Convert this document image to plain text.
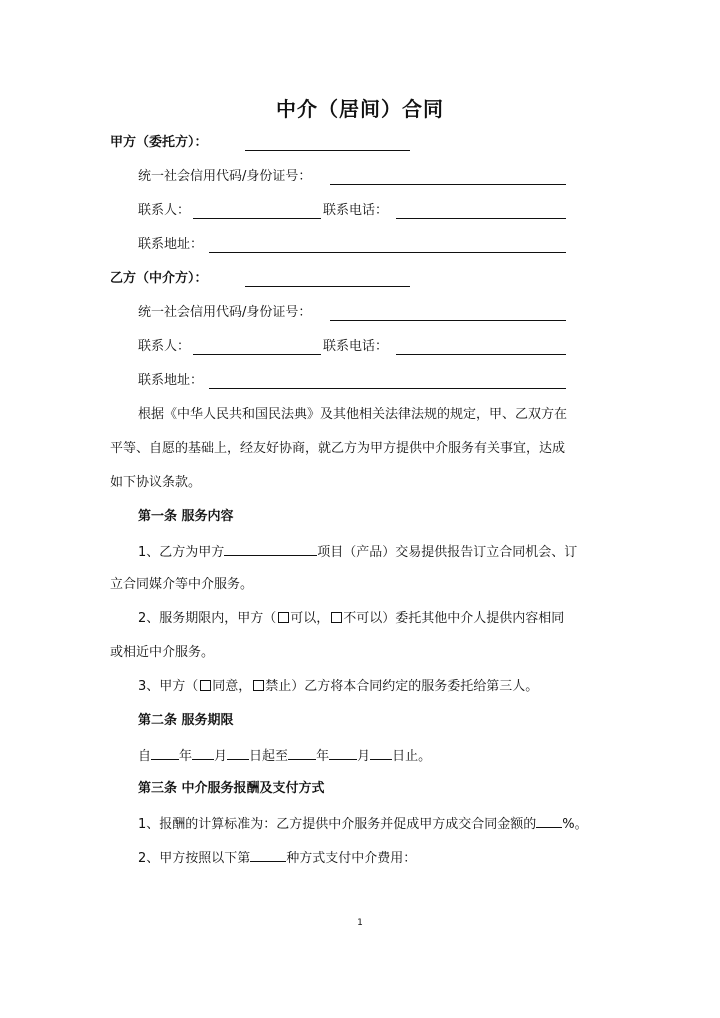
中介（居间）合同
甲方（委托方）：
统一社会信用代码/身份证号：
联系人：	联系电话：
联系地址：
乙方（中介方）：
统一社会信用代码/身份证号：
联系人：	联系电话：
联系地址：
根据《中华人民共和国民法典》及其他相关法律法规的规定，甲、乙双方在
平等、自愿的基础上，经友好协商，就乙方为甲方提供中介服务有关事宜，达成
如下协议条款。
第一条 服务内容
1、乙方为甲方	项目（产品）交易提供报告订立合同机会、订
立合同媒介等中介服务。
2、服务期限内，甲方（ 可以， 不可以）委托其他中介人提供内容相同
或相近中介服务。
3、甲方（ 同意， 禁止）乙方将本合同约定的服务委托给第三人。
第二条 服务期限
自 年 月 日起至 年 月 日止。
第三条 中介服务报酬及支付方式
1、报酬的计算标准为：乙方提供中介服务并促成甲方成交合同金额的 %。
2、甲方按照以下第	种方式支付中介费用：
1
